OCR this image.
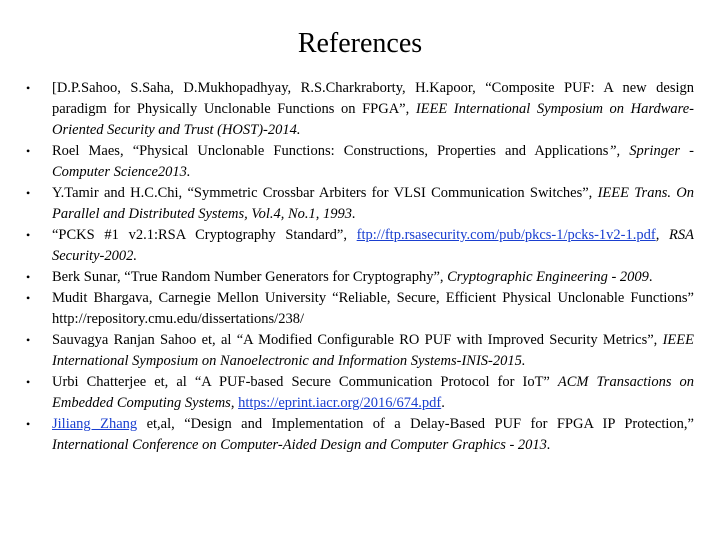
References
•	[D.P.Sahoo, S.Saha, D.Mukhopadhyay, R.S.Charkraborty, H.Kapoor, “Composite PUF: A new design paradigm for Physically Unclonable Functions on FPGA”, IEEE International Symposium on Hardware-Oriented Security and Trust (HOST)-2014.
•	Roel Maes, “Physical Unclonable Functions: Constructions, Properties and Applications”, Springer - Computer Science2013.
•	Y.Tamir and H.C.Chi, “Symmetric Crossbar Arbiters for VLSI Communication Switches”, IEEE Trans. On Parallel and Distributed Systems, Vol.4, No.1, 1993.
•	“PCKS #1 v2.1:RSA Cryptography Standard”, ftp://ftp.rsasecurity.com/pub/pkcs-1/pcks-1v2-1.pdf, RSA Security-2002.
•	Berk Sunar, “True Random Number Generators for Cryptography”, Cryptographic Engineering - 2009.
•	Mudit Bhargava, Carnegie Mellon University “Reliable, Secure, Efficient Physical Unclonable Functions” http://repository.cmu.edu/dissertations/238/
•	Sauvagya Ranjan Sahoo et, al “A Modified Configurable RO PUF with Improved Security Metrics”, IEEE International Symposium on Nanoelectronic and Information Systems-INIS-2015.
•	Urbi Chatterjee et, al “A PUF-based Secure Communication Protocol for IoT” ACM Transactions on Embedded Computing Systems, https://eprint.iacr.org/2016/674.pdf.
•	Jiliang Zhang et,al, “Design and Implementation of a Delay-Based PUF for FPGA IP Protection,” International Conference on Computer-Aided Design and Computer Graphics - 2013.
